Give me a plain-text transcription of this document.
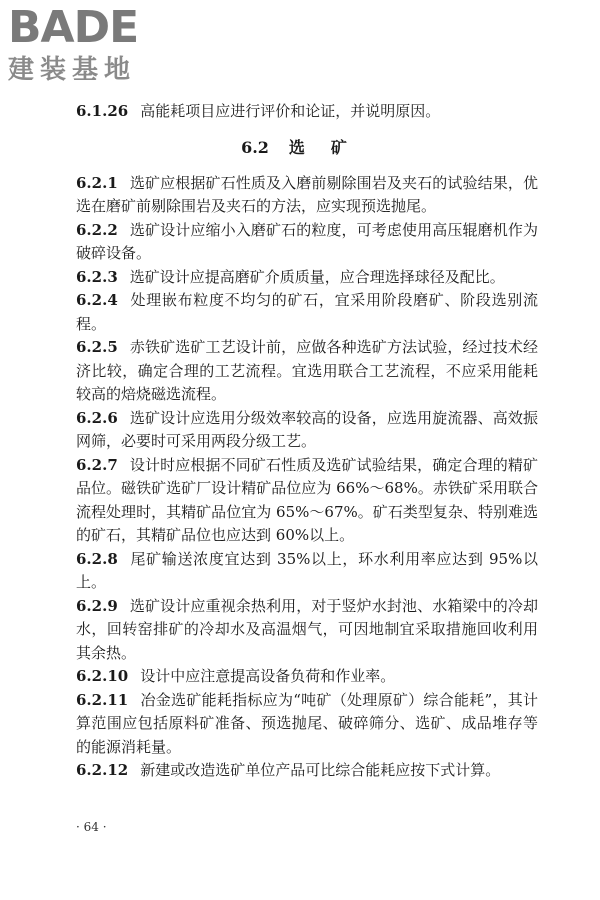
BADE
建装基地

6.1.26 高能耗项目应进行评价和论证，并说明原因。

6.2 选矿

6.2.1 选矿应根据矿石性质及入磨前剔除围岩及夹石的试验结果，优选在磨矿前剔除围岩及夹石的方法，应实现预选抛尾。

6.2.2 选矿设计应缩小入磨矿石的粒度，可考虑使用高压辊磨机作为破碎设备。

6.2.3 选矿设计应提高磨矿介质质量，应合理选择球径及配比。

6.2.4 处理嵌布粒度不均匀的矿石，宜采用阶段磨矿、阶段选别流程。

6.2.5 赤铁矿选矿工艺设计前，应做各种选矿方法试验，经过技术经济比较，确定合理的工艺流程。宜选用联合工艺流程，不应采用能耗较高的焙烧磁选流程。

6.2.6 选矿设计应选用分级效率较高的设备，应选用旋流器、高效振网筛，必要时可采用两段分级工艺。

6.2.7 设计时应根据不同矿石性质及选矿试验结果，确定合理的精矿品位。磁铁矿选矿厂设计精矿品位应为 66%～68%。赤铁矿采用联合流程处理时，其精矿品位宜为 65%～67%。矿石类型复杂、特别难选的矿石，其精矿品位也应达到 60%以上。

6.2.8 尾矿输送浓度宜达到 35%以上，环水利用率应达到 95%以上。

6.2.9 选矿设计应重视余热利用，对于竖炉水封池、水箱梁中的冷却水，回转窑排矿的冷却水及高温烟气，可因地制宜采取措施回收利用其余热。

6.2.10 设计中应注意提高设备负荷和作业率。

6.2.11 冶金选矿能耗指标应为“吨矿（处理原矿）综合能耗”，其计算范围应包括原料矿准备、预选抛尾、破碎筛分、选矿、成品堆存等的能源消耗量。

6.2.12 新建或改造选矿单位产品可比综合能耗应按下式计算。

· 64 ·
